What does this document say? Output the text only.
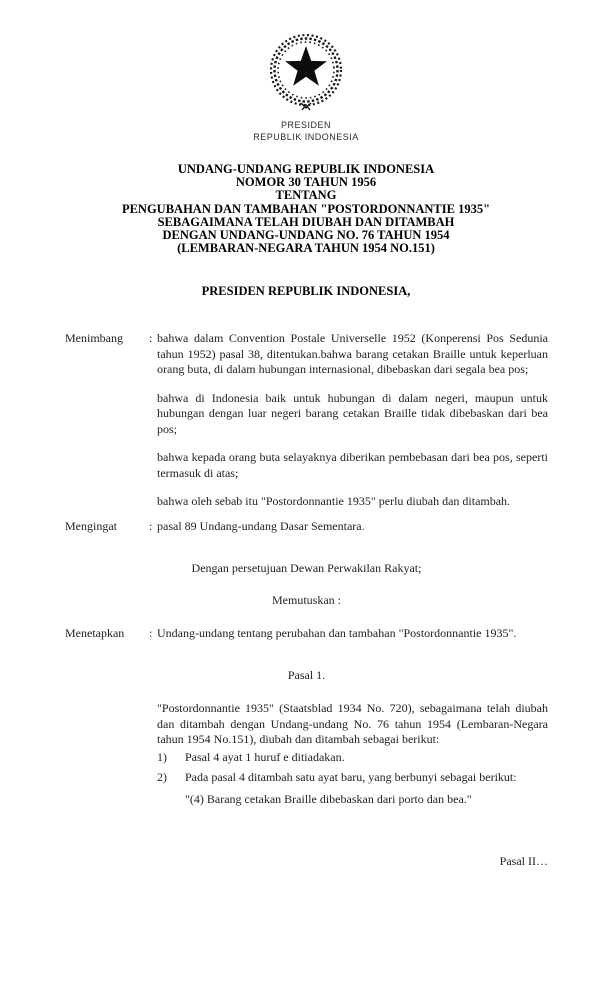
PRESIDEN
REPUBLIK INDONESIA
UNDANG-UNDANG REPUBLIK INDONESIA
NOMOR 30 TAHUN 1956
TENTANG
PENGUBAHAN DAN TAMBAHAN "POSTORDONNANTIE 1935"
SEBAGAIMANA TELAH DIUBAH DAN DITAMBAH
DENGAN UNDANG-UNDANG NO. 76 TAHUN 1954
(LEMBARAN-NEGARA TAHUN 1954 NO.151)
PRESIDEN REPUBLIK INDONESIA,
Menimbang : bahwa dalam Convention Postale Universelle 1952 (Konperensi Pos Sedunia tahun 1952) pasal 38, ditentukan.bahwa barang cetakan Braille untuk keperluan orang buta, di dalam hubungan internasional, dibebaskan dari segala bea pos;

bahwa di Indonesia baik untuk hubungan di dalam negeri, maupun untuk hubungan dengan luar negeri barang cetakan Braille tidak dibebaskan dari bea pos;

bahwa kepada orang buta selayaknya diberikan pembebasan dari bea pos, seperti termasuk di atas;

bahwa oleh sebab itu "Postordonnantie 1935" perlu diubah dan ditambah.

Mengingat	: pasal 89 Undang-undang Dasar Sementara.

Dengan persetujuan Dewan Perwakilan Rakyat;

Memutuskan :

Menetapkan : Undang-undang tentang perubahan dan tambahan "Postordonnantie 1935".

Pasal 1.

"Postordonnantie 1935" (Staatsblad 1934 No. 720), sebagaimana telah diubah dan ditambah dengan Undang-undang No. 76 tahun 1954 (Lembaran-Negara tahun 1954 No.151), diubah dan ditambah sebagai berikut:

1)	Pasal 4 ayat 1 huruf e ditiadakan.

2)	Pada pasal 4 ditambah satu ayat baru, yang berbunyi sebagai berikut:

"(4) Barang cetakan Braille dibebaskan dari porto dan bea."

Pasal II…
